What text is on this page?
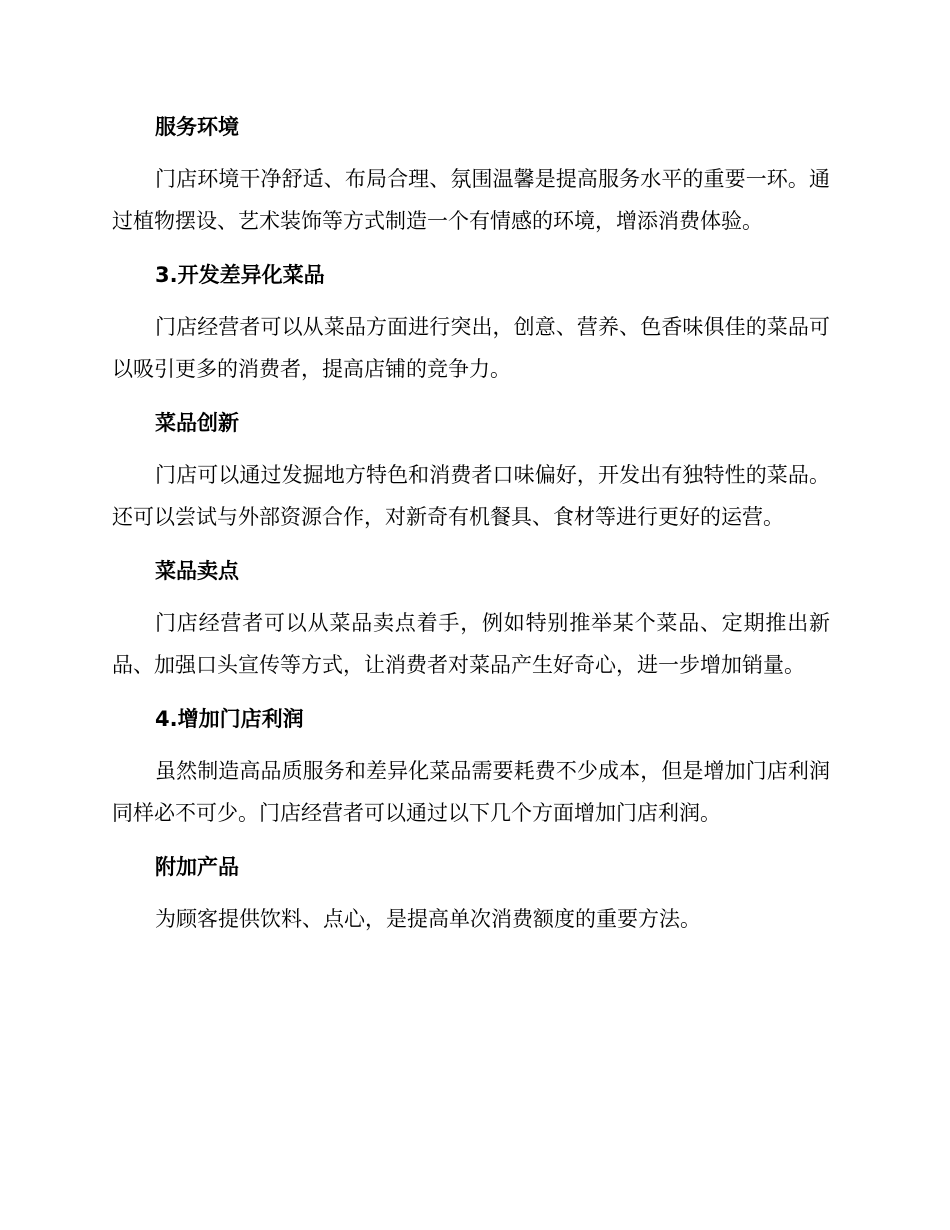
服务环境

门店环境干净舒适、布局合理、氛围温馨是提高服务水平的重要一环。通过植物摆设、艺术装饰等方式制造一个有情感的环境，增添消费体验。

3.开发差异化菜品

门店经营者可以从菜品方面进行突出，创意、营养、色香味俱佳的菜品可以吸引更多的消费者，提高店铺的竞争力。

菜品创新

门店可以通过发掘地方特色和消费者口味偏好，开发出有独特性的菜品。还可以尝试与外部资源合作，对新奇有机餐具、食材等进行更好的运营。

菜品卖点

门店经营者可以从菜品卖点着手，例如特别推举某个菜品、定期推出新品、加强口头宣传等方式，让消费者对菜品产生好奇心，进一步增加销量。

4.增加门店利润

虽然制造高品质服务和差异化菜品需要耗费不少成本，但是增加门店利润同样必不可少。门店经营者可以通过以下几个方面增加门店利润。

附加产品

为顾客提供饮料、点心，是提高单次消费额度的重要方法。
